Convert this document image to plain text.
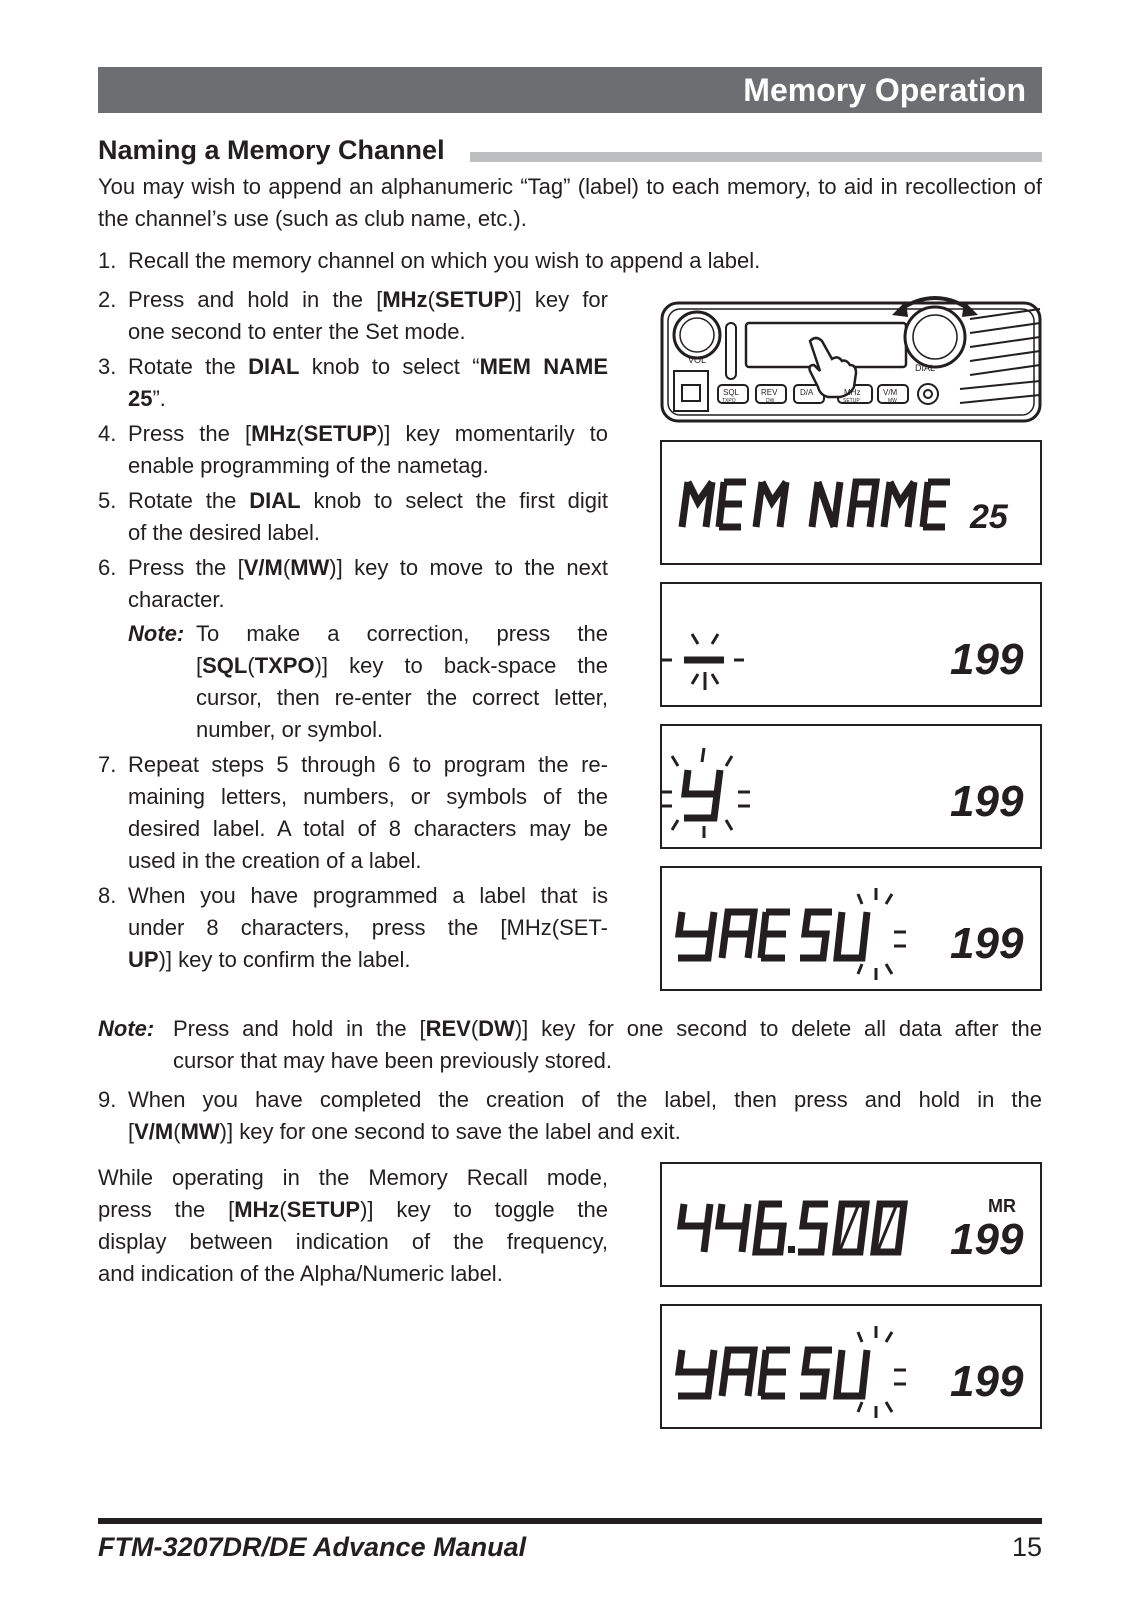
Memory Operation
Naming a Memory Channel
You may wish to append an alphanumeric “Tag” (label) to each memory, to aid in recollection of the channel’s use (such as club name, etc.).
1. Recall the memory channel on which you wish to append a label.
2. Press and hold in the [MHz(SETUP)] key for
one second to enter the Set mode.
3. Rotate the DIAL knob to select “MEM NAME
25”.
4. Press the [MHz(SETUP)] key momentarily to
enable programming of the nametag.
5. Rotate the DIAL knob to select the first digit
of the desired label.
6. Press the [V/M(MW)] key to move to the next
character.
Note: To make a correction, press the
[SQL(TXPO)] key to back-space the
cursor, then re-enter the correct letter,
number, or symbol.
7. Repeat steps 5 through 6 to program the re-
maining letters, numbers, or symbols of the
desired label. A total of 8 characters may be
used in the creation of a label.
8. When you have programmed a label that is
under 8 characters, press the [MHz(SET-
UP)] key to confirm the label.
VOL
DIAL
SQL
TXPO
REV
DW
D/A	MHz
SETUP
V/M
MW
25
199
199
199
Note: Press and hold in the [REV(DW)] key for one second to delete all data after the
cursor that may have been previously stored.
9. When you have completed the creation of the label, then press and hold in the
[V/M(MW)] key for one second to save the label and exit.
While operating in the Memory Recall mode,
press the [MHz(SETUP)] key to toggle the
display between indication of the frequency,
and indication of the Alpha/Numeric label.
MR
199
199
FTM-3207DR/DE Advance Manual	15
